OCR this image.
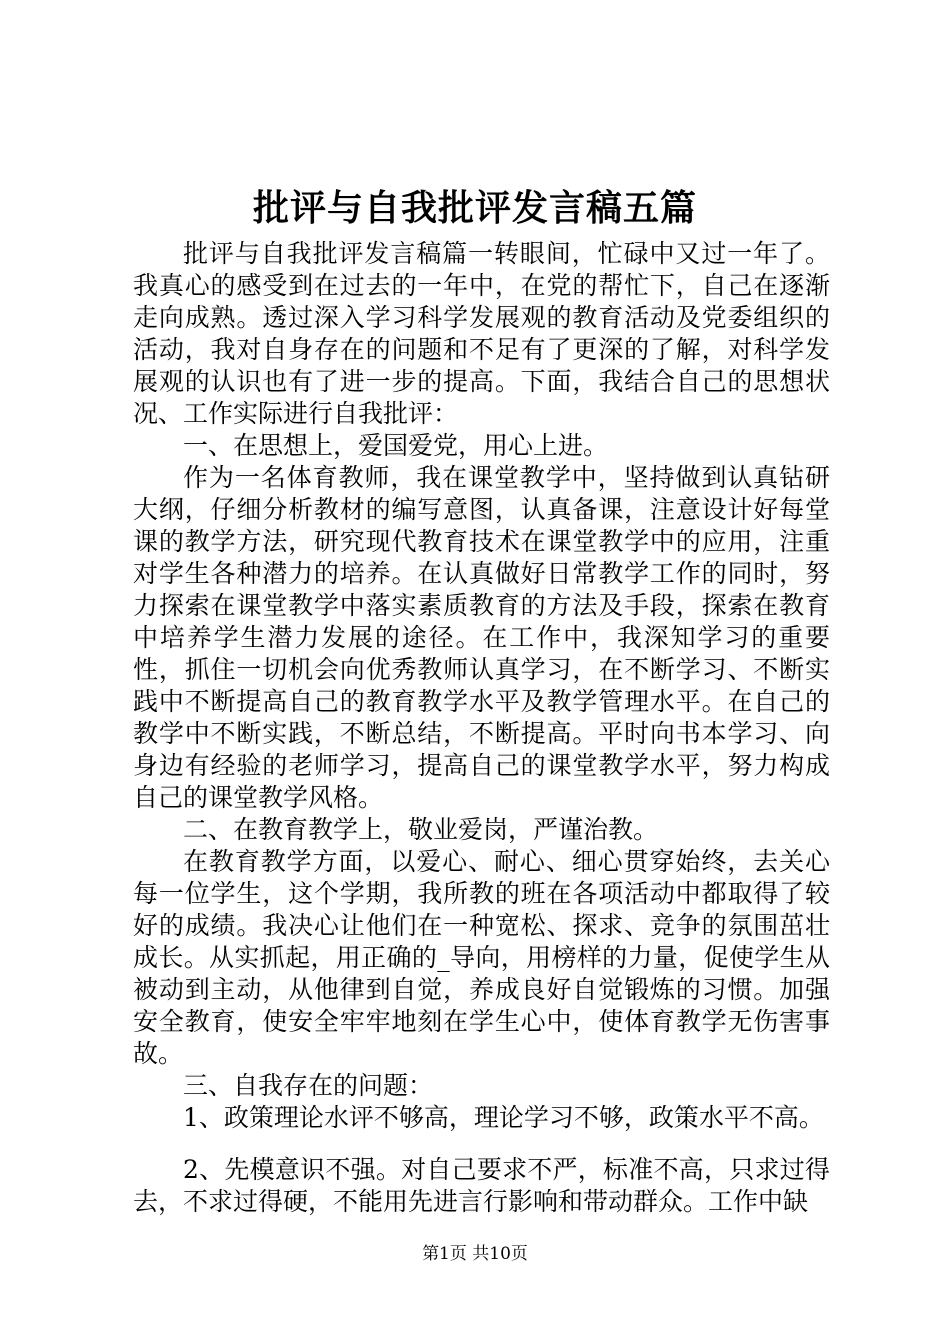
批评与自我批评发言稿五篇

批评与自我批评发言稿篇一转眼间，忙碌中又过一年了。我真心的感受到在过去的一年中，在党的帮忙下，自己在逐渐走向成熟。透过深入学习科学发展观的教育活动及党委组织的活动，我对自身存在的问题和不足有了更深的了解，对科学发展观的认识也有了进一步的提高。下面，我结合自己的思想状况、工作实际进行自我批评：

一、在思想上，爱国爱党，用心上进。

作为一名体育教师，我在课堂教学中，坚持做到认真钻研大纲，仔细分析教材的编写意图，认真备课，注意设计好每堂课的教学方法，研究现代教育技术在课堂教学中的应用，注重对学生各种潜力的培养。在认真做好日常教学工作的同时，努力探索在课堂教学中落实素质教育的方法及手段，探索在教育中培养学生潜力发展的途径。在工作中，我深知学习的重要性，抓住一切机会向优秀教师认真学习，在不断学习、不断实践中不断提高自己的教育教学水平及教学管理水平。在自己的教学中不断实践，不断总结，不断提高。平时向书本学习、向身边有经验的老师学习，提高自己的课堂教学水平，努力构成自己的课堂教学风格。

二、在教育教学上，敬业爱岗，严谨治教。

在教育教学方面，以爱心、耐心、细心贯穿始终，去关心每一位学生，这个学期，我所教的班在各项活动中都取得了较好的成绩。我决心让他们在一种宽松、探求、竞争的氛围茁壮成长。从实抓起，用正确的_导向，用榜样的力量，促使学生从被动到主动，从他律到自觉，养成良好自觉锻炼的习惯。加强安全教育，使安全牢牢地刻在学生心中，使体育教学无伤害事故。

三、自我存在的问题：

1、政策理论水评不够高，理论学习不够，政策水平不高。

2、先模意识不强。对自己要求不严，标准不高，只求过得去，不求过得硬，不能用先进言行影响和带动群众。工作中缺

第1页 共10页
